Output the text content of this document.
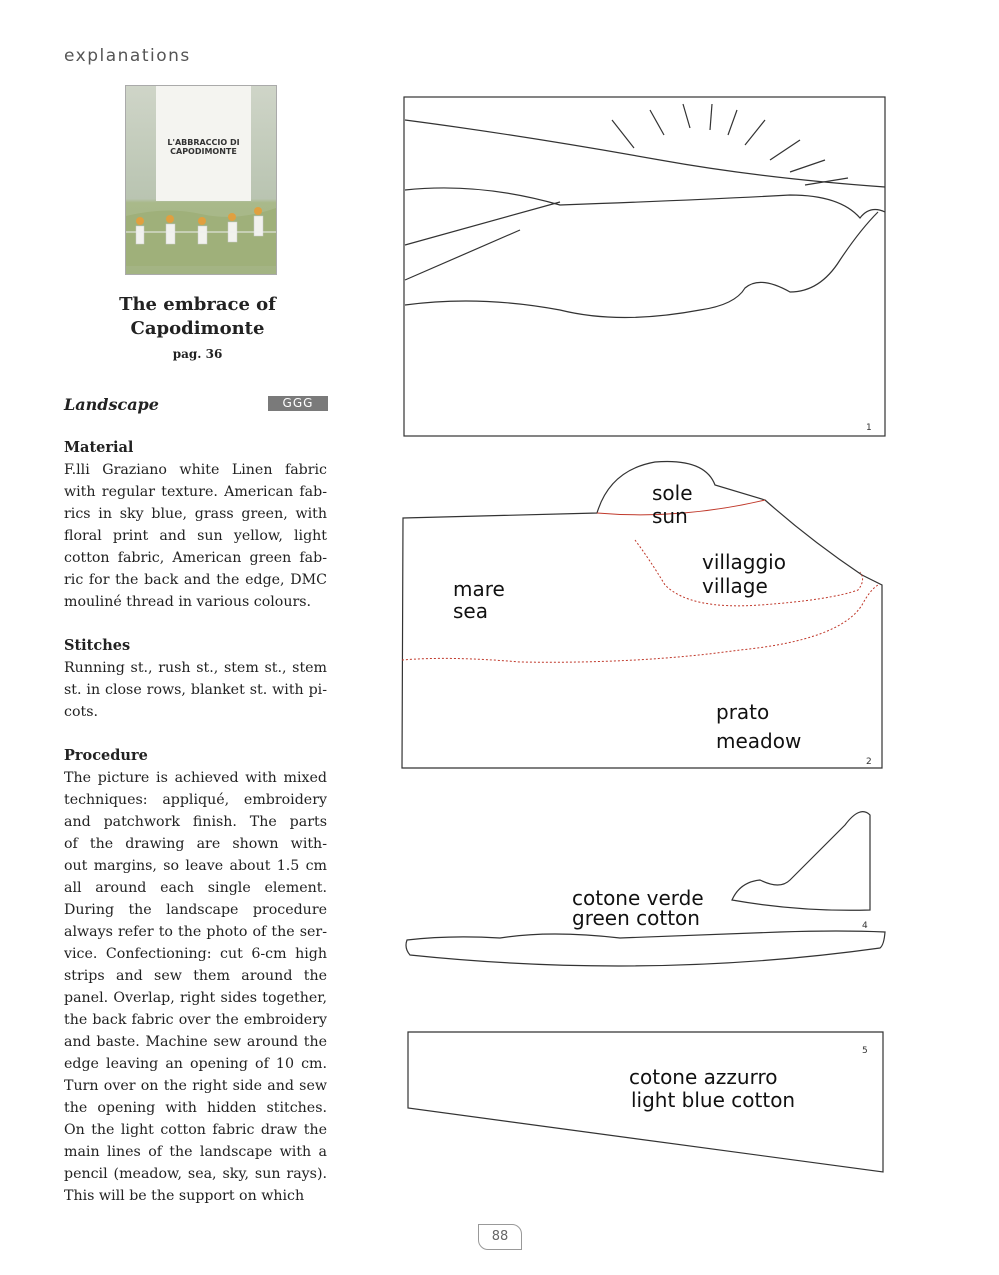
explanations
L'ABBRACCIO DI CAPODIMONTE
The embrace of
Capodimonte
pag. 36
Landscape	GGG
Material
F.lli Graziano white Linen fabric
with regular texture. American fab-
rics in sky blue, grass green, with
floral print and sun yellow, light
cotton fabric, American green fab-
ric for the back and the edge, DMC
mouliné thread in various colours.
Stitches
Running st., rush st., stem st., stem
st. in close rows, blanket st. with pi-
cots.
Procedure
The picture is achieved with mixed
techniques: appliqué, embroidery
and patchwork finish. The parts
of the drawing are shown with-
out margins, so leave about 1.5 cm
all around each single element.
During the landscape procedure
always refer to the photo of the ser-
vice. Confectioning: cut 6-cm high
strips and sew them around the
panel. Overlap, right sides together,
the back fabric over the embroidery
and baste. Machine sew around the
edge leaving an opening of 10 cm.
Turn over on the right side and sew
the opening with hidden stitches.
On the light cotton fabric draw the
main lines of the landscape with a
pencil (meadow, sea, sky, sun rays).
This will be the support on which
1
sole
sun
villaggio
village
mare
sea
prato
meadow
2
cotone verde
green cotton	4
cotone azzurro
light blue cotton
5
88
